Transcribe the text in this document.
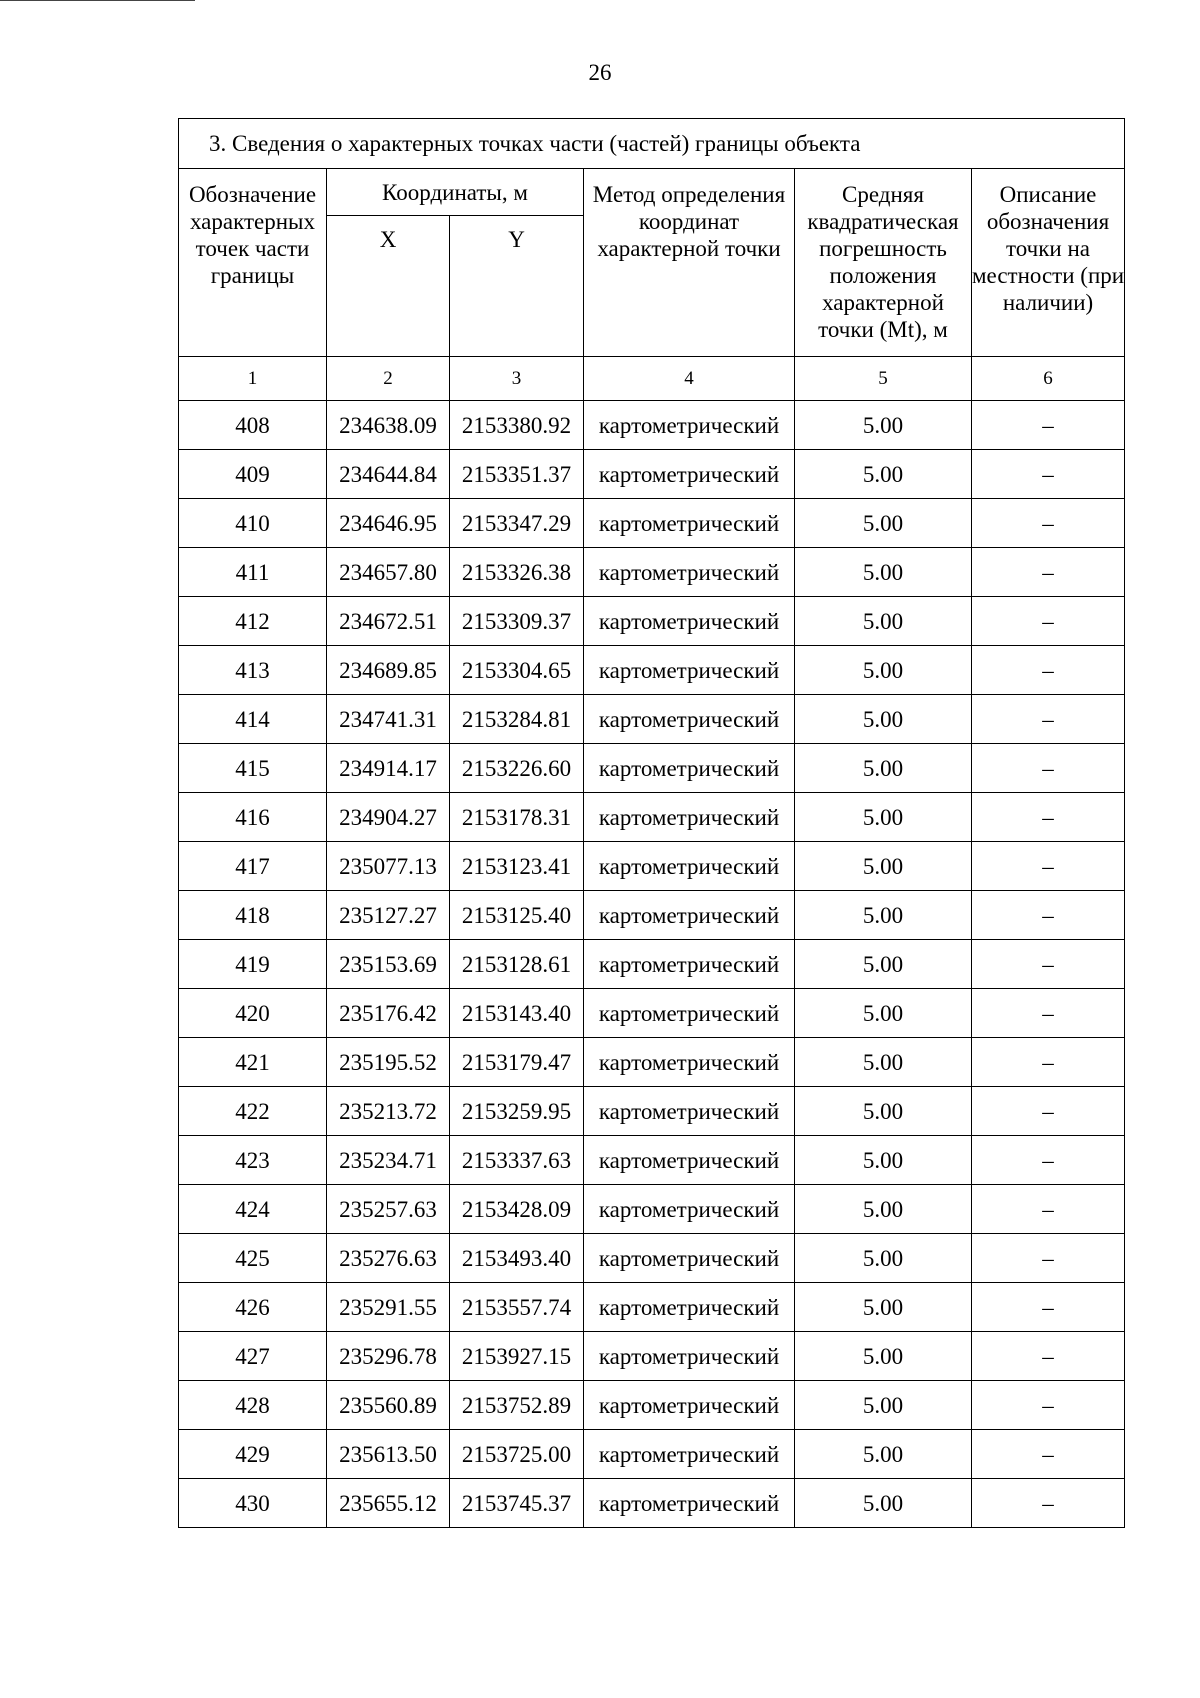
26
3. Сведения о характерных точках части (частей) границы объекта					
Обозначение характерных точек части границы	Координаты, м		Метод определения координат характерной точки	Средняя квадратическая погрешность положения характерной точки (Mt), м	Описание обозначения точки на местности (при наличии)
	X	Y			
1	2	3	4	5	6
408	234638.09	2153380.92	картометрический	5.00	–
409	234644.84	2153351.37	картометрический	5.00	–
410	234646.95	2153347.29	картометрический	5.00	–
411	234657.80	2153326.38	картометрический	5.00	–
412	234672.51	2153309.37	картометрический	5.00	–
413	234689.85	2153304.65	картометрический	5.00	–
414	234741.31	2153284.81	картометрический	5.00	–
415	234914.17	2153226.60	картометрический	5.00	–
416	234904.27	2153178.31	картометрический	5.00	–
417	235077.13	2153123.41	картометрический	5.00	–
418	235127.27	2153125.40	картометрический	5.00	–
419	235153.69	2153128.61	картометрический	5.00	–
420	235176.42	2153143.40	картометрический	5.00	–
421	235195.52	2153179.47	картометрический	5.00	–
422	235213.72	2153259.95	картометрический	5.00	–
423	235234.71	2153337.63	картометрический	5.00	–
424	235257.63	2153428.09	картометрический	5.00	–
425	235276.63	2153493.40	картометрический	5.00	–
426	235291.55	2153557.74	картометрический	5.00	–
427	235296.78	2153927.15	картометрический	5.00	–
428	235560.89	2153752.89	картометрический	5.00	–
429	235613.50	2153725.00	картометрический	5.00	–
430	235655.12	2153745.37	картометрический	5.00	–
